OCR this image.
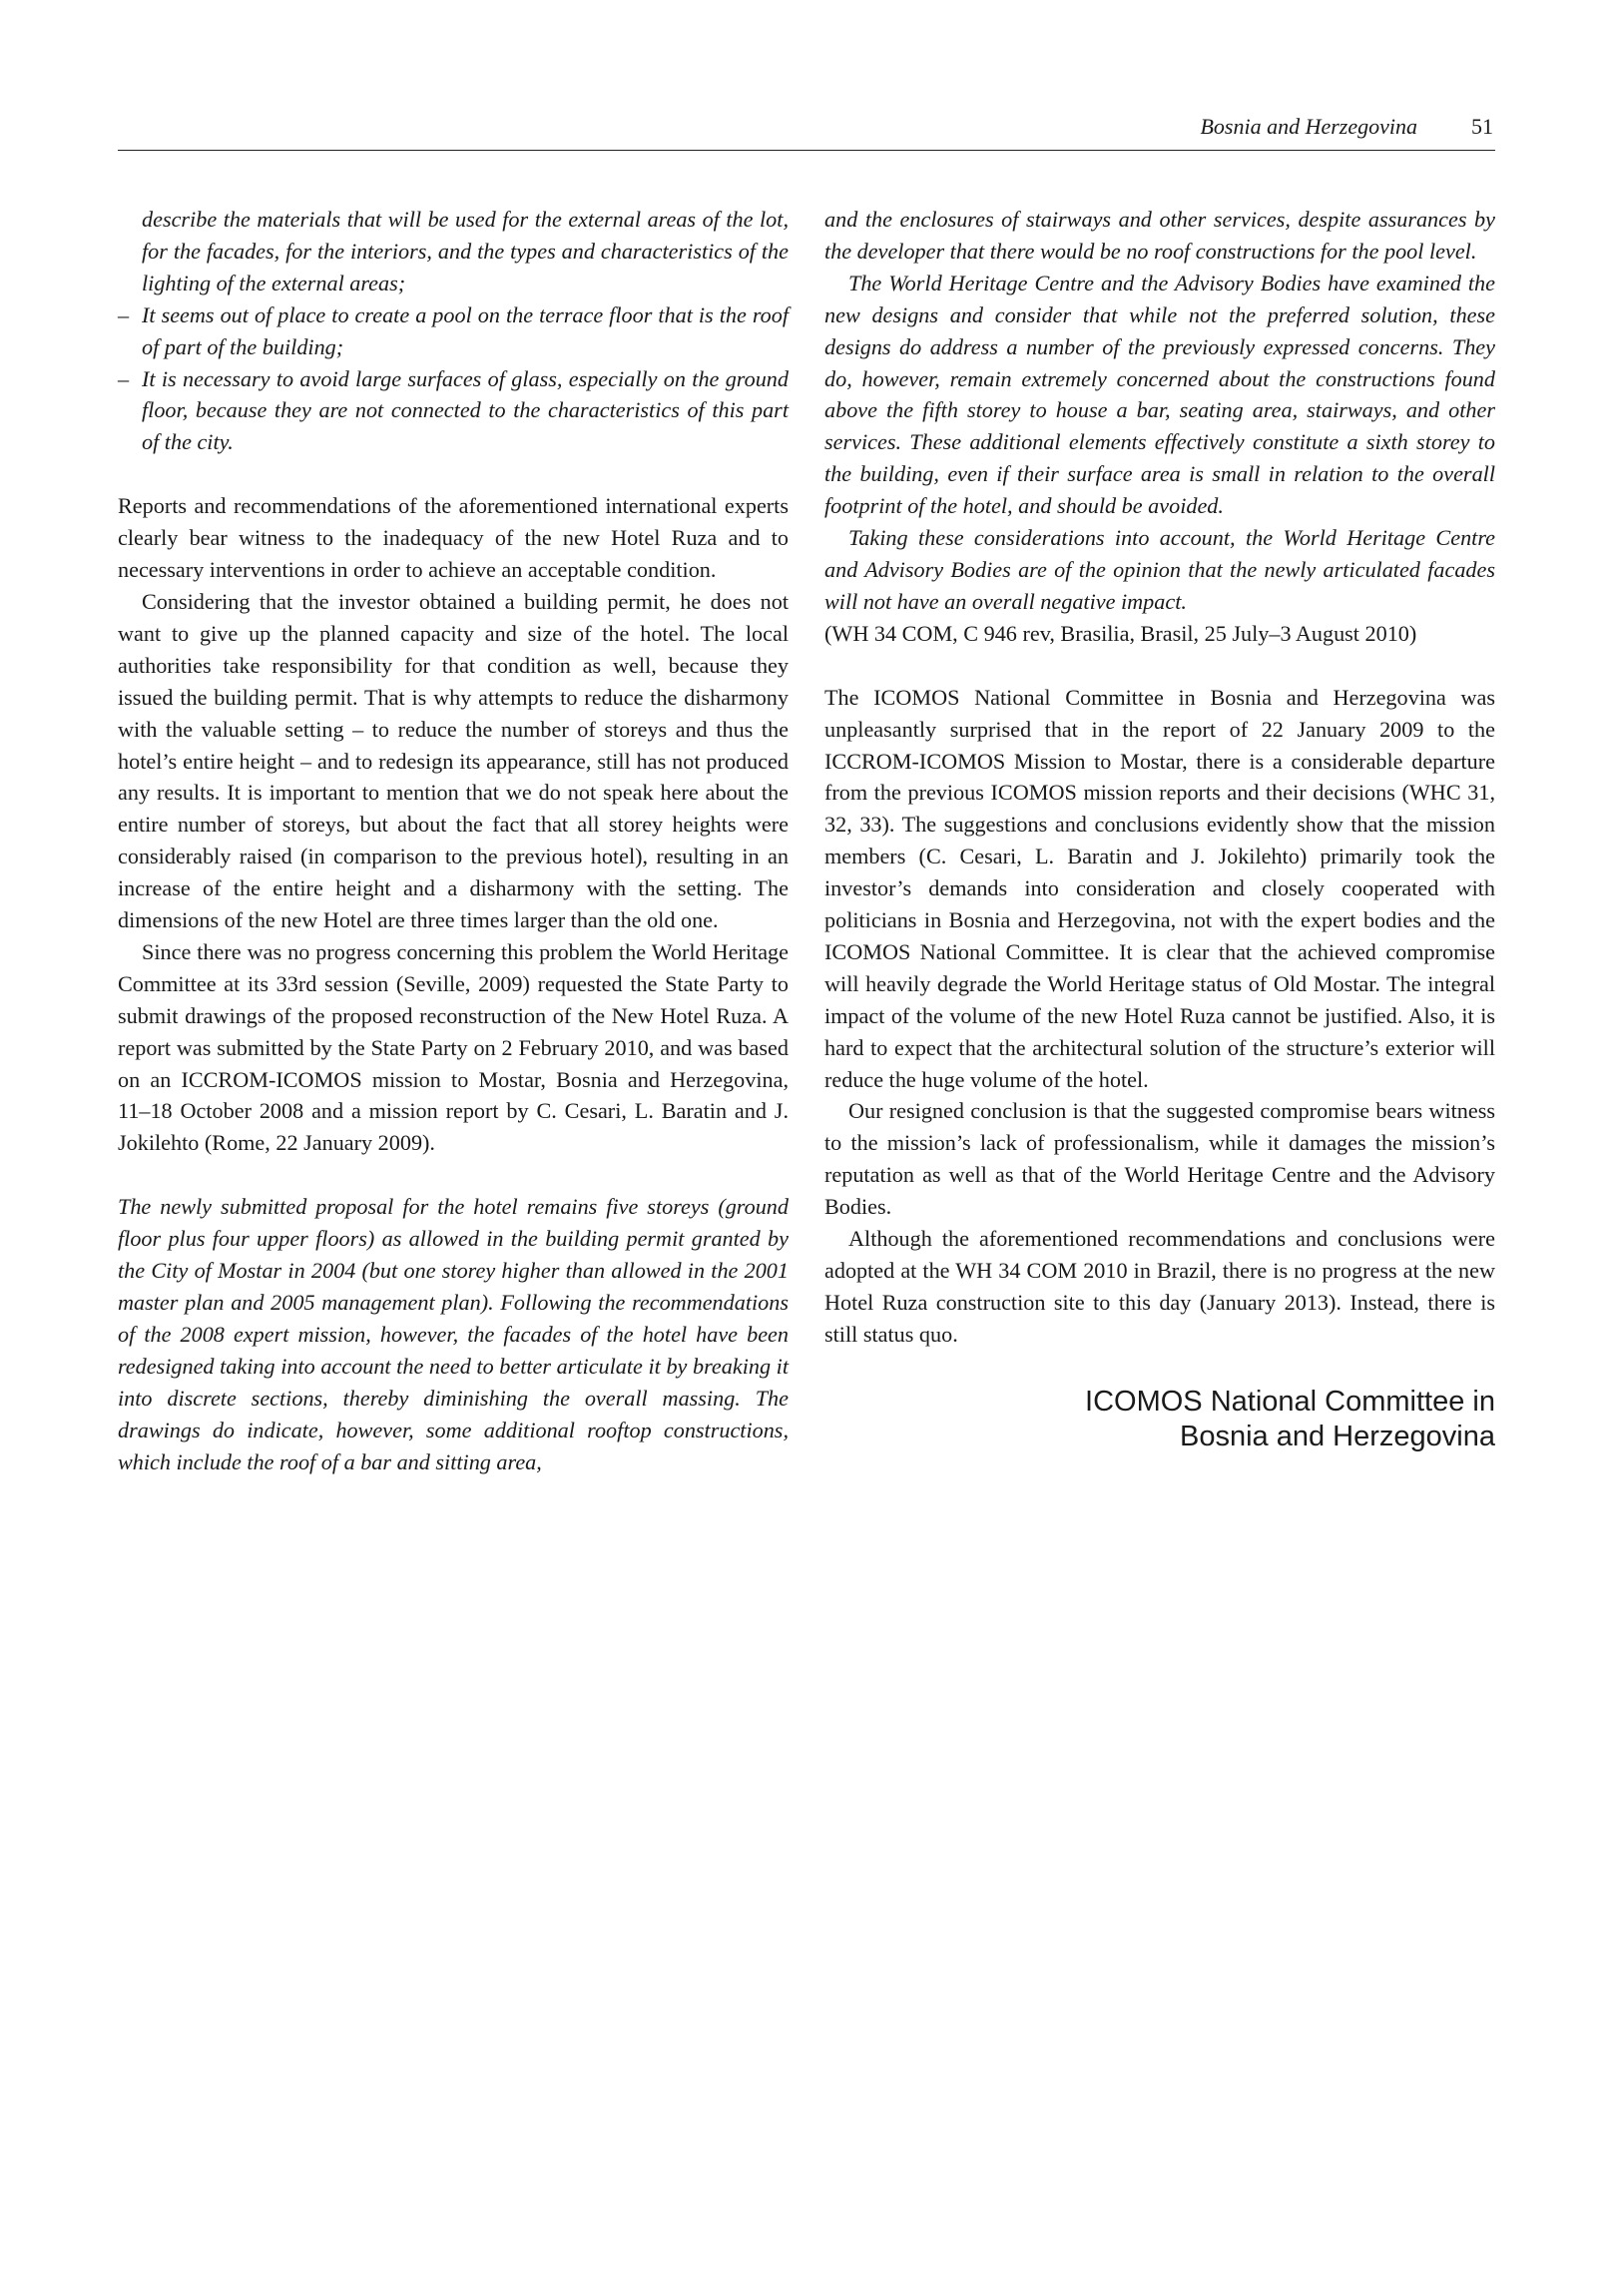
Bosnia and Herzegovina 51

describe the materials that will be used for the external areas of the lot, for the facades, for the interiors, and the types and characteristics of the lighting of the external areas;

– It seems out of place to create a pool on the terrace floor that is the roof of part of the building;
– It is necessary to avoid large surfaces of glass, especially on the ground floor, because they are not connected to the characteristics of this part of the city.

Reports and recommendations of the aforementioned international experts clearly bear witness to the inadequacy of the new Hotel Ruza and to necessary interventions in order to achieve an acceptable condition.

Considering that the investor obtained a building permit, he does not want to give up the planned capacity and size of the hotel. The local authorities take responsibility for that condition as well, because they issued the building permit. That is why attempts to reduce the disharmony with the valuable setting – to reduce the number of storeys and thus the hotel’s entire height – and to redesign its appearance, still has not produced any results. It is important to mention that we do not speak here about the entire number of storeys, but about the fact that all storey heights were considerably raised (in comparison to the previous hotel), resulting in an increase of the entire height and a disharmony with the setting. The dimensions of the new Hotel are three times larger than the old one.

Since there was no progress concerning this problem the World Heritage Committee at its 33rd session (Seville, 2009) requested the State Party to submit drawings of the proposed reconstruction of the New Hotel Ruza. A report was submitted by the State Party on 2 February 2010, and was based on an ICCROM-ICOMOS mission to Mostar, Bosnia and Herzegovina, 11–18 October 2008 and a mission report by C. Cesari, L. Baratin and J. Jokilehto (Rome, 22 January 2009).

The newly submitted proposal for the hotel remains five storeys (ground floor plus four upper floors) as allowed in the building permit granted by the City of Mostar in 2004 (but one storey higher than allowed in the 2001 master plan and 2005 management plan). Following the recommendations of the 2008 expert mission, however, the facades of the hotel have been redesigned taking into account the need to better articulate it by breaking it into discrete sections, thereby diminishing the overall massing. The drawings do indicate, however, some additional rooftop constructions, which include the roof of a bar and sitting area,

and the enclosures of stairways and other services, despite assurances by the developer that there would be no roof constructions for the pool level.

The World Heritage Centre and the Advisory Bodies have examined the new designs and consider that while not the preferred solution, these designs do address a number of the previously expressed concerns. They do, however, remain extremely concerned about the constructions found above the fifth storey to house a bar, seating area, stairways, and other services. These additional elements effectively constitute a sixth storey to the building, even if their surface area is small in relation to the overall footprint of the hotel, and should be avoided.

Taking these considerations into account, the World Heritage Centre and Advisory Bodies are of the opinion that the newly articulated facades will not have an overall negative impact.

(WH 34 COM, C 946 rev, Brasilia, Brasil, 25 July–3 August 2010)

The ICOMOS National Committee in Bosnia and Herzegovina was unpleasantly surprised that in the report of 22 January 2009 to the ICCROM-ICOMOS Mission to Mostar, there is a considerable departure from the previous ICOMOS mission reports and their decisions (WHC 31, 32, 33). The suggestions and conclusions evidently show that the mission members (C. Cesari, L. Baratin and J. Jokilehto) primarily took the investor’s demands into consideration and closely cooperated with politicians in Bosnia and Herzegovina, not with the expert bodies and the ICOMOS National Committee. It is clear that the achieved compromise will heavily degrade the World Heritage status of Old Mostar. The integral impact of the volume of the new Hotel Ruza cannot be justified. Also, it is hard to expect that the architectural solution of the structure’s exterior will reduce the huge volume of the hotel.

Our resigned conclusion is that the suggested compromise bears witness to the mission’s lack of professionalism, while it damages the mission’s reputation as well as that of the World Heritage Centre and the Advisory Bodies.

Although the aforementioned recommendations and conclusions were adopted at the WH 34 COM 2010 in Brazil, there is no progress at the new Hotel Ruza construction site to this day (January 2013). Instead, there is still status quo.

ICOMOS National Committee in
Bosnia and Herzegovina
